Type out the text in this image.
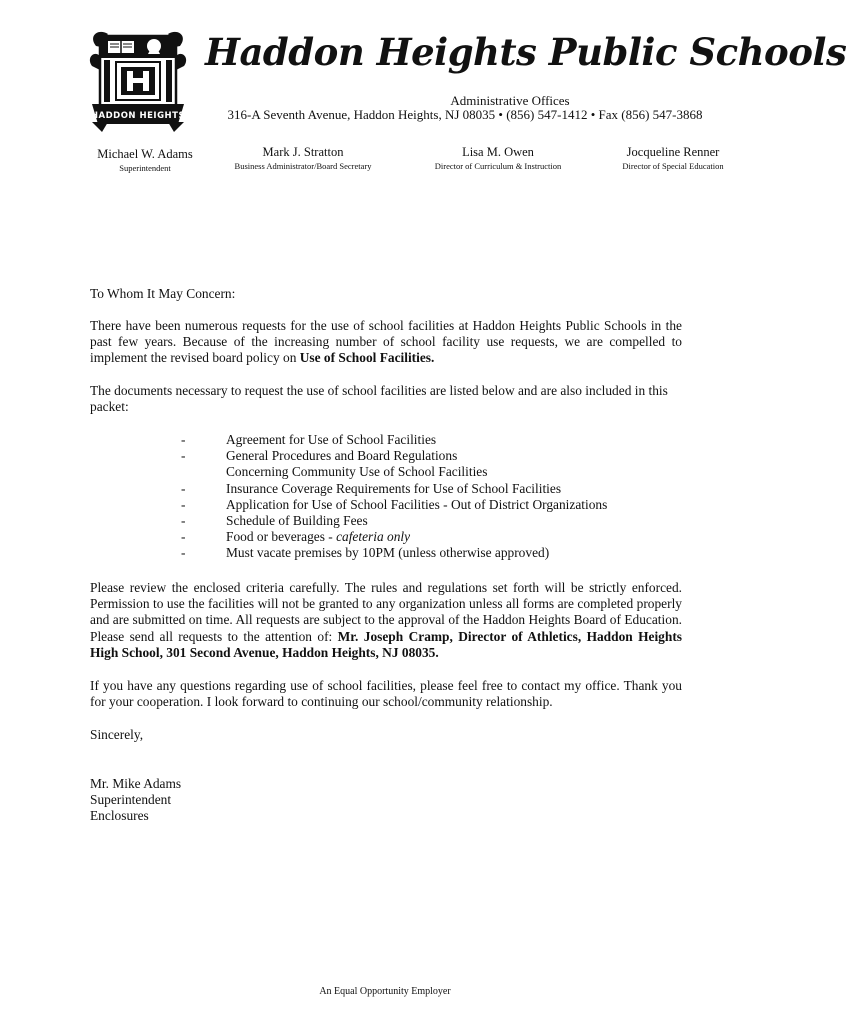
HADDON HEIGHTS
Haddon Heights Public Schools
Administrative Offices
316-A Seventh Avenue, Haddon Heights, NJ 08035 • (856) 547-1412 • Fax (856) 547-3868
Michael W. Adams
Superintendent
Mark J. Stratton
Business Administrator/Board Secretary
Lisa M. Owen
Director of Curriculum & Instruction
Jocqueline Renner
Director of Special Education
To Whom It May Concern:
There have been numerous requests for the use of school facilities at Haddon Heights Public Schools in the past few years. Because of the increasing number of school facility use requests, we are compelled to implement the revised board policy on Use of School Facilities.
The documents necessary to request the use of school facilities are listed below and are also included in this packet:
-	Agreement for Use of School Facilities
-	General Procedures and Board Regulations
Concerning Community Use of School Facilities
-	Insurance Coverage Requirements for Use of School Facilities
-	Application for Use of School Facilities - Out of District Organizations
-	Schedule of Building Fees
-	Food or beverages - cafeteria only
-	Must vacate premises by 10PM (unless otherwise approved)
Please review the enclosed criteria carefully. The rules and regulations set forth will be strictly enforced. Permission to use the facilities will not be granted to any organization unless all forms are completed properly and are submitted on time. All requests are subject to the approval of the Haddon Heights Board of Education. Please send all requests to the attention of: Mr. Joseph Cramp, Director of Athletics, Haddon Heights High School, 301 Second Avenue, Haddon Heights, NJ 08035.
If you have any questions regarding use of school facilities, please feel free to contact my office. Thank you for your cooperation. I look forward to continuing our school/community relationship.
Sincerely,
Mr. Mike Adams
Superintendent
Enclosures
An Equal Opportunity Employer
